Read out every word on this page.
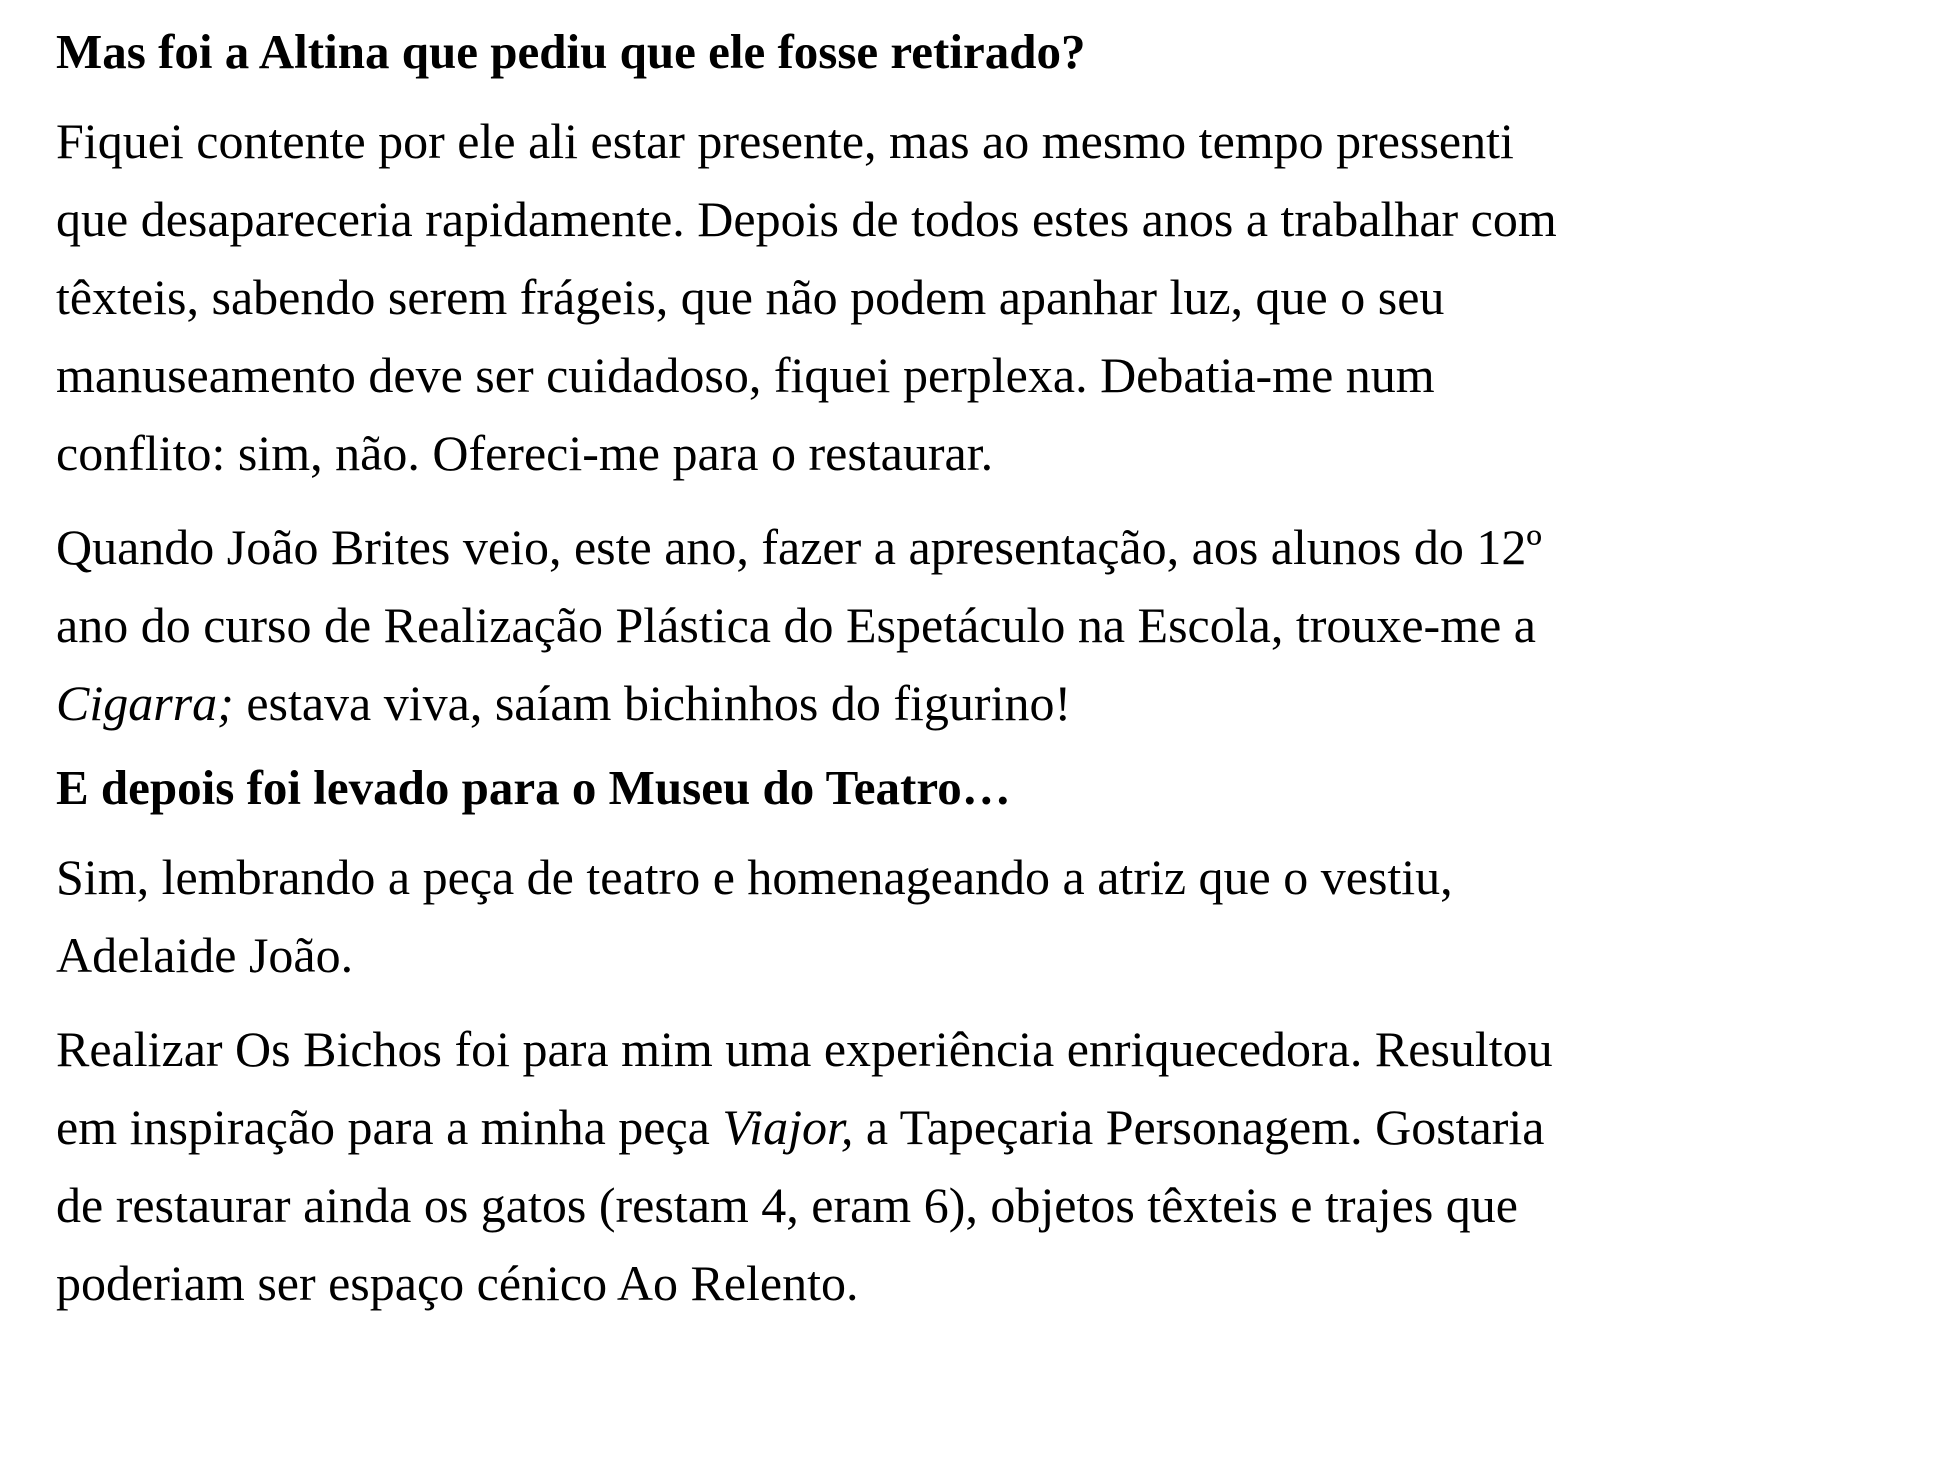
Mas foi a Altina que pediu que ele fosse retirado?

Fiquei contente por ele ali estar presente, mas ao mesmo tempo pressenti
que desapareceria rapidamente. Depois de todos estes anos a trabalhar com
têxteis, sabendo serem frágeis, que não podem apanhar luz, que o seu
manuseamento deve ser cuidadoso, fiquei perplexa. Debatia-me num
conflito: sim, não. Ofereci-me para o restaurar.

Quando João Brites veio, este ano, fazer a apresentação, aos alunos do 12º
ano do curso de Realização Plástica do Espetáculo na Escola, trouxe-me a
Cigarra; estava viva, saíam bichinhos do figurino!

E depois foi levado para o Museu do Teatro…

Sim, lembrando a peça de teatro e homenageando a atriz que o vestiu,
Adelaide João.

Realizar Os Bichos foi para mim uma experiência enriquecedora. Resultou
em inspiração para a minha peça Viajor, a Tapeçaria Personagem. Gostaria
de restaurar ainda os gatos (restam 4, eram 6), objetos têxteis e trajes que
poderiam ser espaço cénico Ao Relento.
